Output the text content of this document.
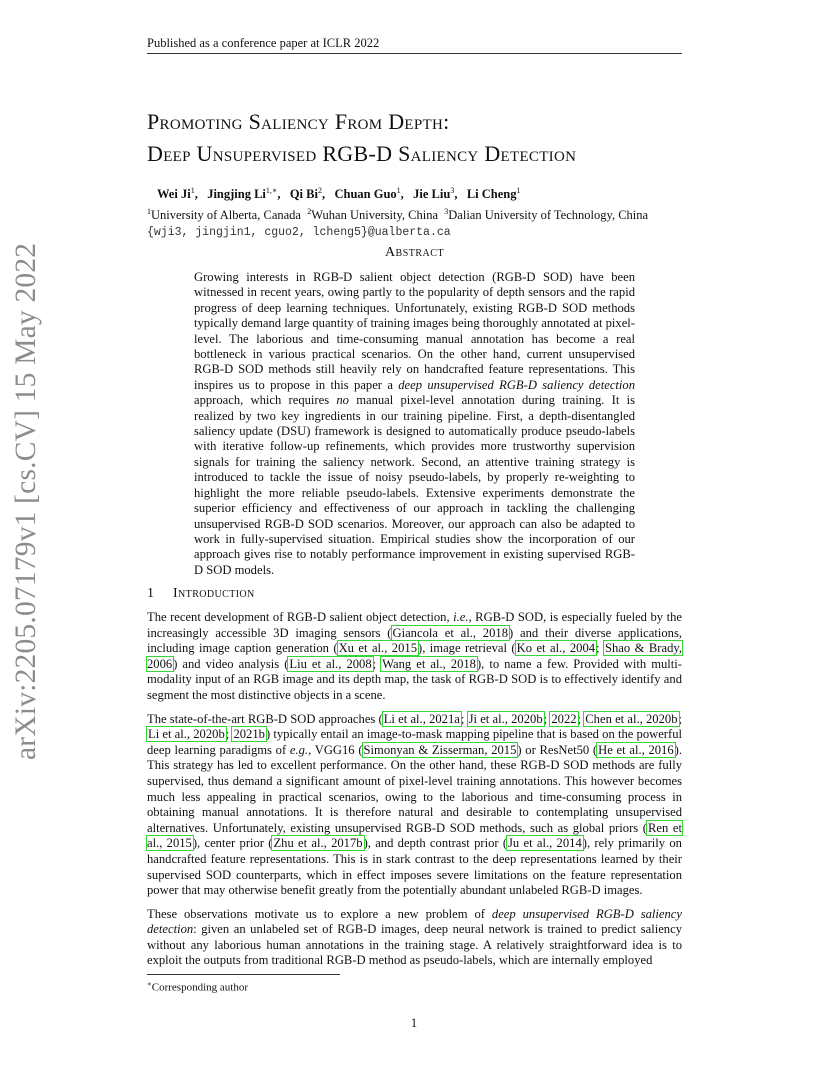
Published as a conference paper at ICLR 2022
arXiv:2205.07179v1 [cs.CV] 15 May 2022
Promoting Saliency From Depth:
Deep Unsupervised RGB-D Saliency Detection
Wei Ji$^1$,   Jingjing $Li^{1,∗}$,   Qi Bi$^2$,   Chuan Guo$^1$,   Jie Liu$^3$,   Li Cheng$^1$
$^1$University of Alberta, Canada $^2$Wuhan University, China $^3$Dalian University of Technology, China
{wji3, jingjin1, cguo2, lcheng5}@ualberta.ca
Abstract
Growing interests in RGB-D salient object detection (RGB-D SOD) have been witnessed in recent years, owing partly to the popularity of depth sensors and the rapid progress of deep learning techniques. Unfortunately, existing RGB-D SOD methods typically demand large quantity of training images being thoroughly annotated at pixel-level. The laborious and time-consuming manual annotation has become a real bottleneck in various practical scenarios. On the other hand, current unsupervised RGB-D SOD methods still heavily rely on handcrafted feature representations. This inspires us to propose in this paper a deep unsupervised RGB-D saliency detection approach, which requires no manual pixel-level annotation during training. It is realized by two key ingredients in our training pipeline. First, a depth-disentangled saliency update (DSU) framework is designed to automatically produce pseudo-labels with iterative follow-up refinements, which provides more trustworthy supervision signals for training the saliency network. Second, an attentive training strategy is introduced to tackle the issue of noisy pseudo-labels, by properly re-weighting to highlight the more reliable pseudo-labels. Extensive experiments demonstrate the superior efficiency and effectiveness of our approach in tackling the challenging unsupervised RGB-D SOD scenarios. Moreover, our approach can also be adapted to work in fully-supervised situation. Empirical studies show the incorporation of our approach gives rise to notably performance improvement in existing supervised RGB-D SOD models.
1 Introduction

The recent development of RGB-D salient object detection, i.e., RGB-D SOD, is especially fueled by the increasingly accessible 3D imaging sensors (Giancola et al., 2018) and their diverse applications, including image caption generation (Xu et al., 2015), image retrieval (Ko et al., 2004; Shao & Brady, 2006) and video analysis (Liu et al., 2008; Wang et al., 2018), to name a few. Provided with multi-modality input of an RGB image and its depth map, the task of RGB-D SOD is to effectively identify and segment the most distinctive objects in a scene.

The state-of-the-art RGB-D SOD approaches (Li et al., 2021a; Ji et al., 2020b; 2022; Chen et al., 2020b; Li et al., 2020b; 2021b) typically entail an image-to-mask mapping pipeline that is based on the powerful deep learning paradigms of e.g., VGG16 (Simonyan & Zisserman, 2015) or ResNet50 (He et al., 2016). This strategy has led to excellent performance. On the other hand, these RGB-D SOD methods are fully supervised, thus demand a significant amount of pixel-level training annotations. This however becomes much less appealing in practical scenarios, owing to the laborious and time-consuming process in obtaining manual annotations. It is therefore natural and desirable to contemplating unsupervised alternatives. Unfortunately, existing unsupervised RGB-D SOD methods, such as global priors (Ren et al., 2015), center prior (Zhu et al., 2017b), and depth contrast prior (Ju et al., 2014), rely primarily on handcrafted feature representations. This is in stark contrast to the deep representations learned by their supervised SOD counterparts, which in effect imposes severe limitations on the feature representation power that may otherwise benefit greatly from the potentially abundant unlabeled RGB-D images.

These observations motivate us to explore a new problem of deep unsupervised RGB-D saliency detection: given an unlabeled set of RGB-D images, deep neural network is trained to predict saliency without any laborious human annotations in the training stage. A relatively straightforward idea is to exploit the outputs from traditional RGB-D method as pseudo-labels, which are internally employed

∗Corresponding author
1
